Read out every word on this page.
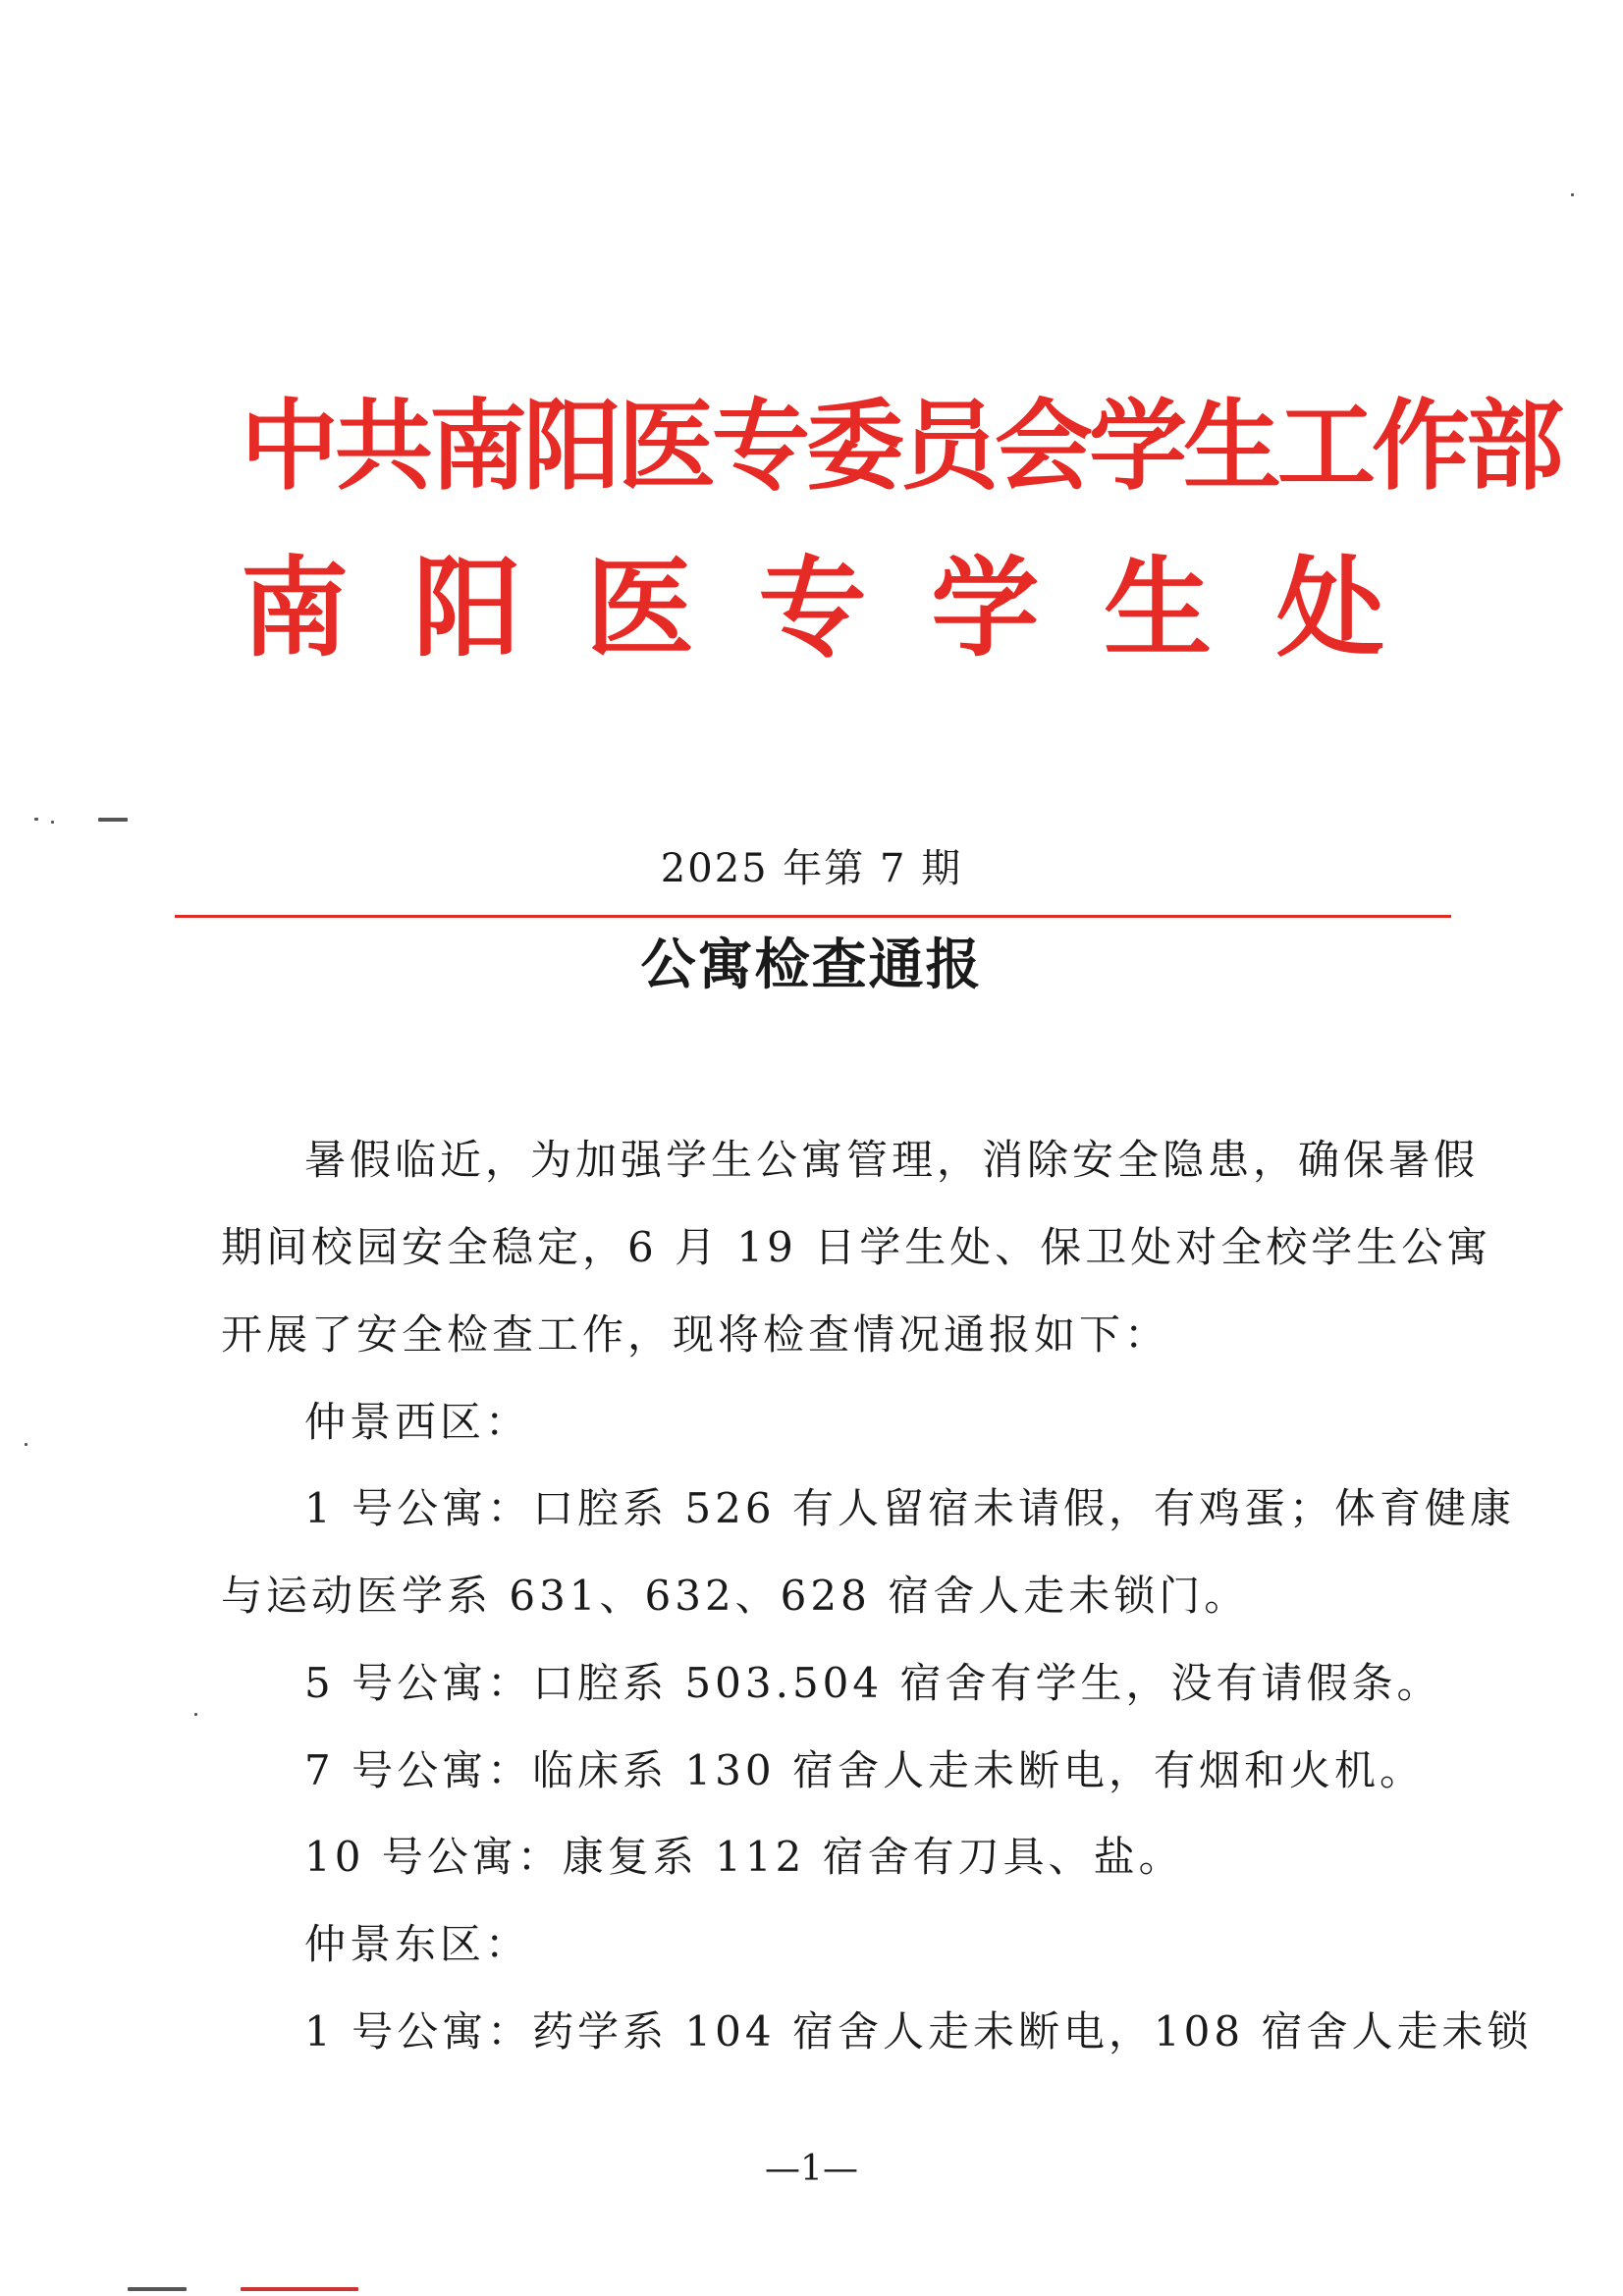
中共南阳医专委员会学生工作部
南阳医专学生处
2025 年第 7 期
公寓检查通报
暑假临近，为加强学生公寓管理，消除安全隐患，确保暑假
期间校园安全稳定，6 月 19 日学生处、保卫处对全校学生公寓
开展了安全检查工作，现将检查情况通报如下：
仲景西区：
1 号公寓：口腔系 526 有人留宿未请假，有鸡蛋；体育健康
与运动医学系 631、632、628 宿舍人走未锁门。
5 号公寓：口腔系 503.504 宿舍有学生，没有请假条。
7 号公寓：临床系 130 宿舍人走未断电，有烟和火机。
10 号公寓：康复系 112 宿舍有刀具、盐。
仲景东区：
1 号公寓：药学系 104 宿舍人走未断电，108 宿舍人走未锁
—1—
